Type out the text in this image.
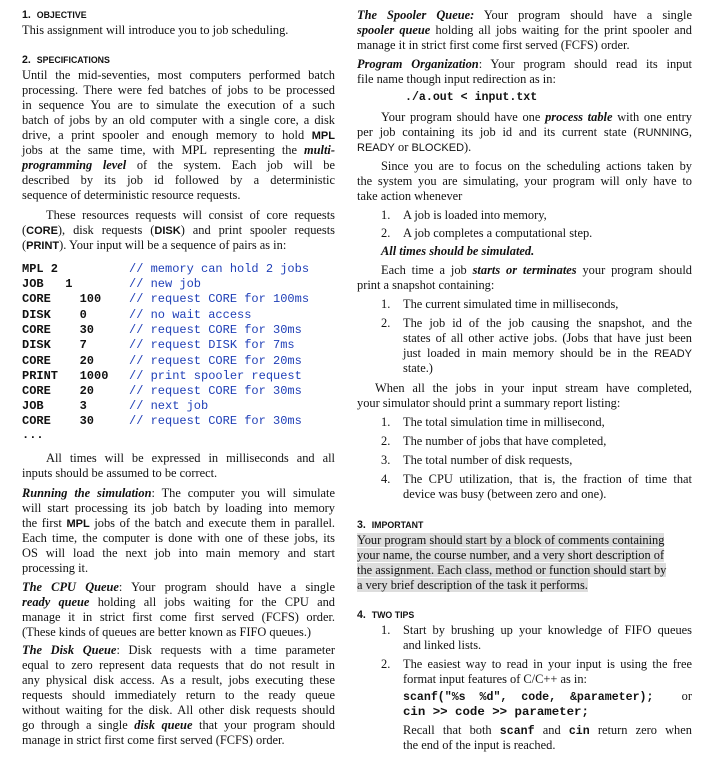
1. OBJECTIVE
This assignment will introduce you to job scheduling.
2. SPECIFICATIONS
Until the mid-seventies, most computers performed batch
processing. There were fed batches of jobs to be processed
in sequence You are to simulate the execution of a such
batch of jobs by an old computer with a single core, a disk
drive, a print spooler and enough memory to hold MPL
jobs at the same time, with MPL representing the multi-
programming level of the system. Each job will be
described by its job id followed by a deterministic
sequence of deterministic resource requests.
These resources requests will consist of core requests
(CORE), disk requests (DISK) and print spooler requests
(PRINT). Your input will be a sequence of pairs as in:
MPL 2	// memory can hold 2 jobs
JOB   1	// new job
CORE    100 // request CORE for 100ms
DISK    0	// no wait access
CORE    30	// request CORE for 30ms
DISK    7	// request DISK for 7ms
CORE    20	// request CORE for 20ms
PRINT   1000 // print spooler request
CORE    20	// request CORE for 30ms
JOB     3	// next job
CORE    30	// request CORE for 30ms
...
All times will be expressed in milliseconds and all
inputs should be assumed to be correct.
Running the simulation: The computer you will simulate
will start processing its job batch by loading into memory
the first MPL jobs of the batch and execute them in parallel.
Each time, the computer is done with one of these jobs, its
OS will load the next job into main memory and start
processing it.
The CPU Queue: Your program should have a single
ready queue holding all jobs waiting for the CPU and
manage it in strict first come first served (FCFS) order.
(These kinds of queues are better known as FIFO queues.)
The Disk Queue: Disk requests with a time parameter
equal to zero represent data requests that do not result in
any physical disk access. As a result, jobs executing these
requests should immediately return to the ready queue
without waiting for the disk. All other disk requests should
go through a single disk queue that your program should
manage in strict first come first served (FCFS) order.
The Spooler Queue: Your program should have a single
spooler queue holding all jobs waiting for the print spooler and
manage it in strict first come first served (FCFS) order.
Program Organization: Your program should read its input
file name though input redirection as in:
./a.out < input.txt
Your program should have one process table with one entry
per job containing its job id and its current state (RUNNING,
READY or BLOCKED).
Since you are to focus on the scheduling actions taken by
the system you are simulating, your program will only have to
take action whenever
1. A job is loaded into memory,
2. A job completes a computational step.
All times should be simulated.
Each time a job starts or terminates your program should
print a snapshot containing:
1. The current simulated time in milliseconds,
2. The job id of the job causing the snapshot, and the
states of all other active jobs. (Jobs that have just been
just loaded in main memory should be in the READY
state.)
When all the jobs in your input stream have completed,
your simulator should print a summary report listing:
1. The total simulation time in millisecond,
2. The number of jobs that have completed,
3. The total number of disk requests,
4. The CPU utilization, that is, the fraction of time that
device was busy (between zero and one).
3. IMPORTANT
Your program should start by a block of comments containing
your name, the course number, and a very short description of
the assignment. Each class, method or function should start by
a very brief description of the task it performs.
4. TWO TIPS
1. Start by brushing up your knowledge of FIFO queues
and linked lists.
2. The easiest way to read in your input is using the free
format input features of C/C++ as in:
scanf("%s  %d",  code,  &parameter); or
cin >> code >> parameter;
Recall that both scanf and cin return zero when
the end of the input is reached.
